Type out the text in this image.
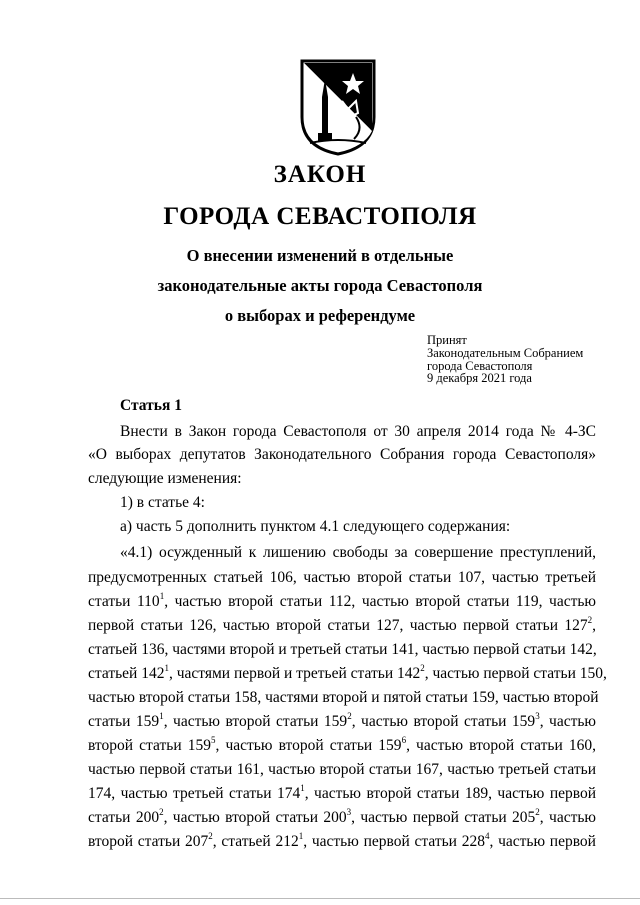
ЗАКОН
ГОРОДА СЕВАСТОПОЛЯ
О внесении изменений в отдельные
законодательные акты города Севастополя
о выборах и референдуме
Принят
Законодательным Собранием
города Севастополя
9 декабря 2021 года
Статья 1
Внести в Закон города Севастополя от 30 апреля 2014 года № 4-ЗС
«О выборах депутатов Законодательного Собрания города Севастополя»
следующие изменения:
1) в статье 4:
а) часть 5 дополнить пунктом 4.1 следующего содержания:
«4.1) осужденный к лишению свободы за совершение преступлений,
предусмотренных статьей 106, частью второй статьи 107, частью третьей
статьи $110^1$, частью второй статьи 112, частью второй статьи 119, частью
первой статьи 126, частью второй статьи 127, частью первой статьи $127^2$,
статьей 136, частями второй и третьей статьи 141, частью первой статьи 142,
статьей $142^1$, частями первой и третьей статьи $142^2$, частью первой статьи 150,
частью второй статьи 158, частями второй и пятой статьи 159, частью второй
статьи $159^1$, частью второй статьи $159^2$, частью второй статьи $159^3$, частью
второй статьи $159^5$, частью второй статьи $159^6$, частью второй статьи 160,
частью первой статьи 161, частью второй статьи 167, частью третьей статьи
174, частью третьей статьи $174^1$, частью второй статьи 189, частью первой
статьи $200^2$, частью второй статьи $200^3$, частью первой статьи $205^2$, частью
второй статьи $207^2$, статьей $212^1$, частью первой статьи $228^4$, частью первой
